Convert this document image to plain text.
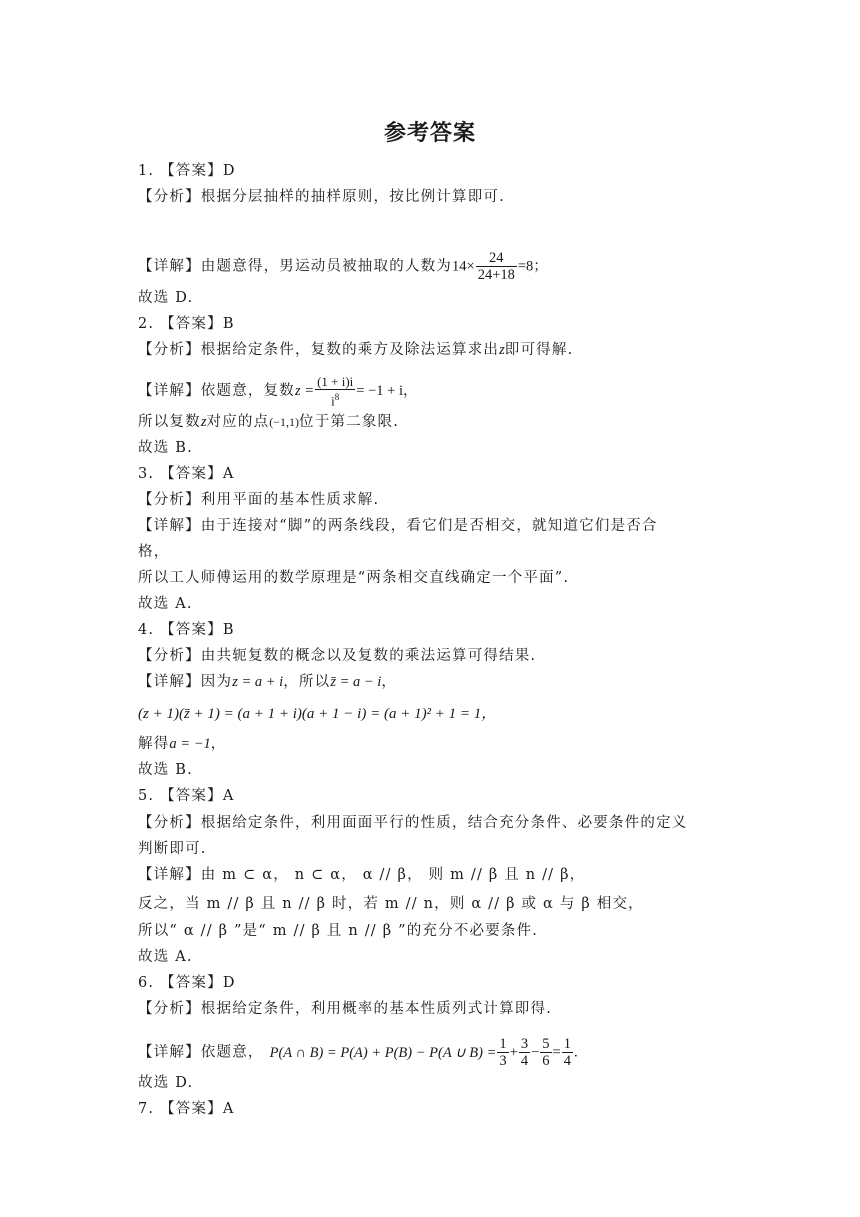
参考答案
1. 【答案】D
【分析】根据分层抽样的抽样原则，按比例计算即可.
【详解】由题意得，男运动员被抽取的人数为$14\times \frac{24}{24+18} =8$；
故选 D.
2. 【答案】B
【分析】根据给定条件，复数的乘方及除法运算求出z即可得解.
【详解】依题意，复数$z = \frac{(1 + i)i}{i^8} = -1 + i$，
所以复数z对应的点(−1,1)位于第二象限.
故选 B.
3. 【答案】A
【分析】利用平面的基本性质求解.
【详解】由于连接对“脚”的两条线段，看它们是否相交，就知道它们是否合
格，
所以工人师傅运用的数学原理是“两条相交直线确定一个平面”.
故选 A.
4. 【答案】B
【分析】由共轭复数的概念以及复数的乘法运算可得结果.
【详解】因为z = a + i，所以z̄ = a − i，
(z + 1)(z̄ + 1) = (a + 1 + i)(a + 1 − i) = (a + 1)² + 1 = 1，
解得a = −1，
故选 B.
5. 【答案】A
【分析】根据给定条件，利用面面平行的性质，结合充分条件、必要条件的定义
判断即可.
【详解】由 m ⊂ α， n ⊂ α， α // β， 则 m // β 且 n // β，
反之，当 m // β 且 n // β 时，若 m // n，则 α // β 或 α 与 β 相交，
所以“ α // β ”是“ m // β 且 n // β ”的充分不必要条件.
故选 A.
6. 【答案】D
【分析】根据给定条件，利用概率的基本性质列式计算即得.
【详解】依题意， P(A ∩ B) = P(A) + P(B) − P(A ∪ $B) = \frac{1}{3} + \frac{3}{4} - \frac{5}{6} = \frac{1}{4}$ .
故选 D.
7. 【答案】A
